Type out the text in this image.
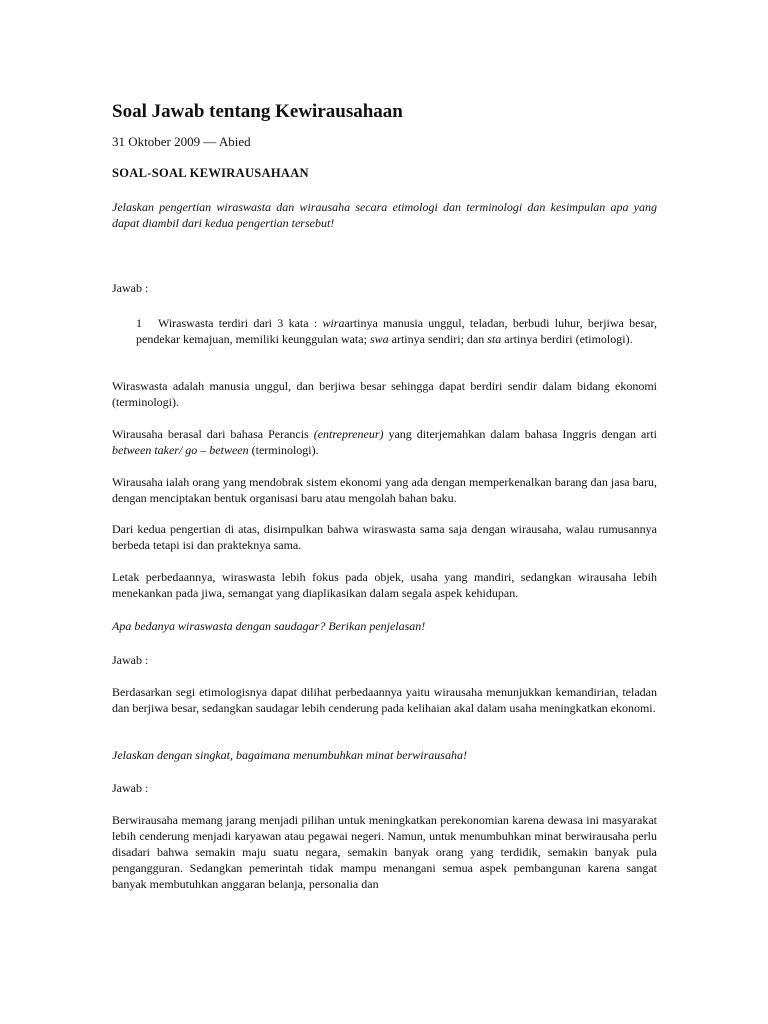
Soal Jawab tentang Kewirausahaan
31 Oktober 2009 — Abied
SOAL-SOAL KEWIRAUSAHAAN

Jelaskan pengertian wiraswasta dan wirausaha secara etimologi dan terminologi dan kesimpulan apa yang dapat diambil dari kedua pengertian tersebut!

Jawab :

1 Wiraswasta terdiri dari 3 kata : wiraartinya manusia unggul, teladan, berbudi luhur, berjiwa besar, pendekar kemajuan, memiliki keunggulan wata; swa artinya sendiri; dan sta artinya berdiri (etimologi).

Wiraswasta adalah manusia unggul, dan berjiwa besar sehingga dapat berdiri sendir dalam bidang ekonomi (terminologi).

Wirausaha berasal dari bahasa Perancis (entrepreneur) yang diterjemahkan dalam bahasa Inggris dengan arti between taker/ go – between (terminologi).

Wirausaha ialah orang yang mendobrak sistem ekonomi yang ada dengan memperkenalkan barang dan jasa baru, dengan menciptakan bentuk organisasi baru atau mengolah bahan baku.

Dari kedua pengertian di atas, disimpulkan bahwa wiraswasta sama saja dengan wirausaha, walau rumusannya berbeda tetapi isi dan prakteknya sama.

Letak perbedaannya, wiraswasta lebih fokus pada objek, usaha yang mandiri, sedangkan wirausaha lebih menekankan pada jiwa, semangat yang diaplikasikan dalam segala aspek kehidupan.

Apa bedanya wiraswasta dengan saudagar? Berikan penjelasan!

Jawab :

Berdasarkan segi etimologisnya dapat dilihat perbedaannya yaitu wirausaha menunjukkan kemandirian, teladan dan berjiwa besar, sedangkan saudagar lebih cenderung pada kelihaian akal dalam usaha meningkatkan ekonomi.

Jelaskan dengan singkat, bagaimana menumbuhkan minat berwirausaha!

Jawab :

Berwirausaha memang jarang menjadi pilihan untuk meningkatkan perekonomian karena dewasa ini masyarakat lebih cenderung menjadi karyawan atau pegawai negeri. Namun, untuk menumbuhkan minat berwirausaha perlu disadari bahwa semakin maju suatu negara, semakin banyak orang yang terdidik, semakin banyak pula pengangguran. Sedangkan pemerintah tidak mampu menangani semua aspek pembangunan karena sangat banyak membutuhkan anggaran belanja, personalia dan
